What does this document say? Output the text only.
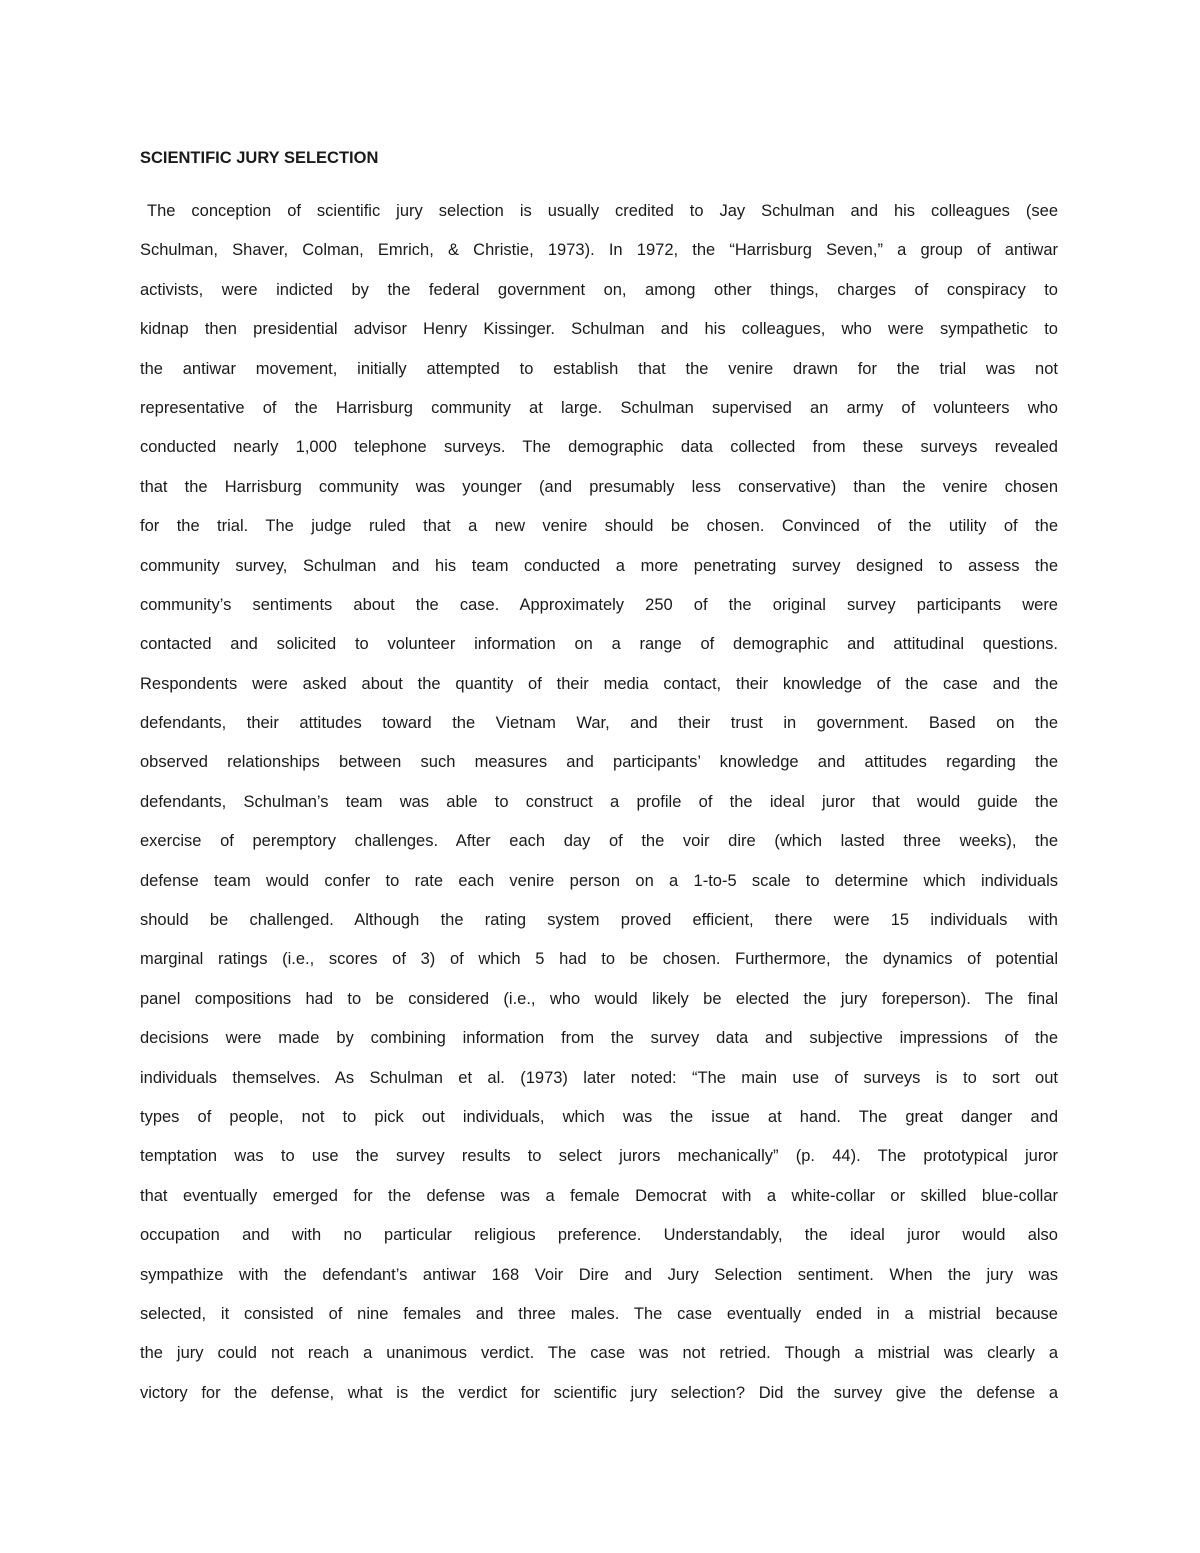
SCIENTIFIC JURY SELECTION
The conception of scientific jury selection is usually credited to Jay Schulman and his colleagues (see
Schulman, Shaver, Colman, Emrich, & Christie, 1973). In 1972, the “Harrisburg Seven,” a group of antiwar
activists, were indicted by the federal government on, among other things, charges of conspiracy to
kidnap then presidential advisor Henry Kissinger. Schulman and his colleagues, who were sympathetic to
the antiwar movement, initially attempted to establish that the venire drawn for the trial was not
representative of the Harrisburg community at large. Schulman supervised an army of volunteers who
conducted nearly 1,000 telephone surveys. The demographic data collected from these surveys revealed
that the Harrisburg community was younger (and presumably less conservative) than the venire chosen
for the trial. The judge ruled that a new venire should be chosen. Convinced of the utility of the
community survey, Schulman and his team conducted a more penetrating survey designed to assess the
community’s sentiments about the case. Approximately 250 of the original survey participants were
contacted and solicited to volunteer information on a range of demographic and attitudinal questions.
Respondents were asked about the quantity of their media contact, their knowledge of the case and the
defendants, their attitudes toward the Vietnam War, and their trust in government. Based on the
observed relationships between such measures and participants’ knowledge and attitudes regarding the
defendants, Schulman’s team was able to construct a profile of the ideal juror that would guide the
exercise of peremptory challenges. After each day of the voir dire (which lasted three weeks), the
defense team would confer to rate each venire person on a 1-to-5 scale to determine which individuals
should be challenged. Although the rating system proved efficient, there were 15 individuals with
marginal ratings (i.e., scores of 3) of which 5 had to be chosen. Furthermore, the dynamics of potential
panel compositions had to be considered (i.e., who would likely be elected the jury foreperson). The final
decisions were made by combining information from the survey data and subjective impressions of the
individuals themselves. As Schulman et al. (1973) later noted: “The main use of surveys is to sort out
types of people, not to pick out individuals, which was the issue at hand. The great danger and
temptation was to use the survey results to select jurors mechanically” (p. 44). The prototypical juror
that eventually emerged for the defense was a female Democrat with a white-collar or skilled blue-collar
occupation and with no particular religious preference. Understandably, the ideal juror would also
sympathize with the defendant’s antiwar 168 Voir Dire and Jury Selection sentiment. When the jury was
selected, it consisted of nine females and three males. The case eventually ended in a mistrial because
the jury could not reach a unanimous verdict. The case was not retried. Though a mistrial was clearly a
victory for the defense, what is the verdict for scientific jury selection? Did the survey give the defense a
